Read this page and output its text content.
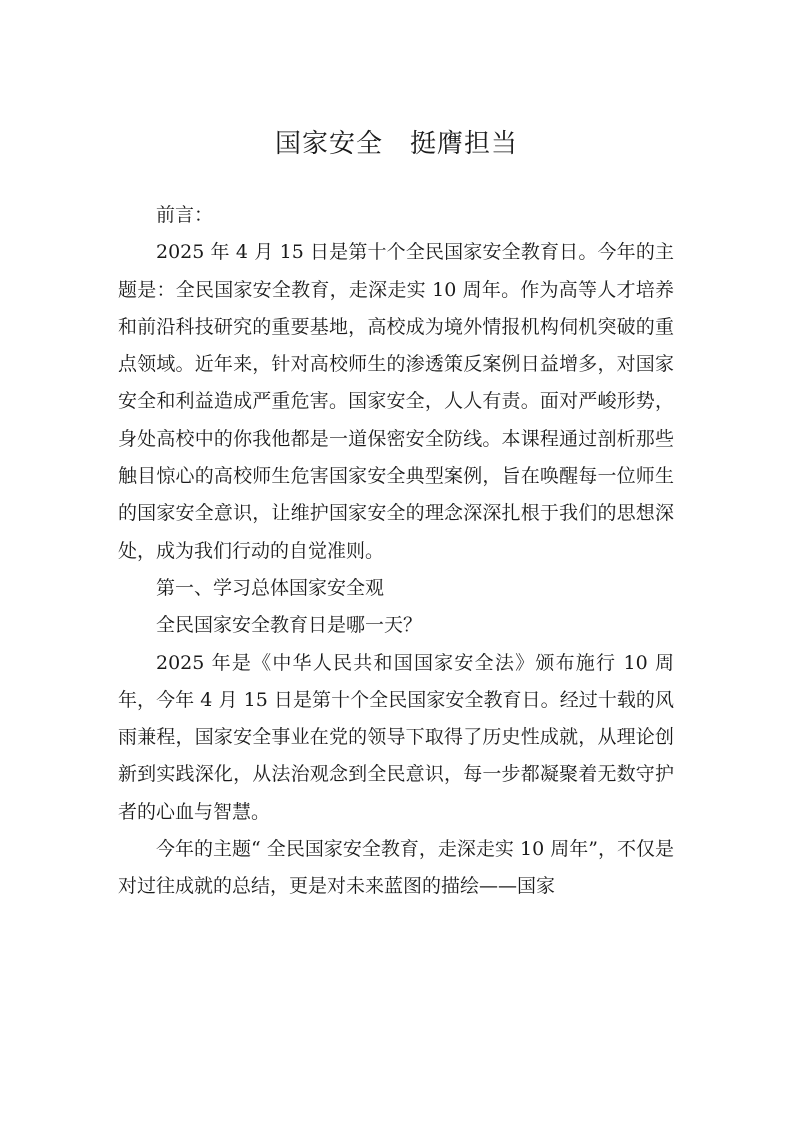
国家安全　挺膺担当

前言：

2025 年 4 月 15 日是第十个全民国家安全教育日。今年的主题是：全民国家安全教育，走深走实 10 周年。作为高等人才培养和前沿科技研究的重要基地，高校成为境外情报机构伺机突破的重点领域。近年来，针对高校师生的渗透策反案例日益增多，对国家安全和利益造成严重危害。国家安全，人人有责。面对严峻形势，身处高校中的你我他都是一道保密安全防线。本课程通过剖析那些触目惊心的高校师生危害国家安全典型案例，旨在唤醒每一位师生的国家安全意识，让维护国家安全的理念深深扎根于我们的思想深处，成为我们行动的自觉准则。

第一、学习总体国家安全观

全民国家安全教育日是哪一天？

2025 年是《中华人民共和国国家安全法》颁布施行 10 周年，今年 4 月 15 日是第十个全民国家安全教育日。经过十载的风雨兼程，国家安全事业在党的领导下取得了历史性成就，从理论创新到实践深化，从法治观念到全民意识，每一步都凝聚着无数守护者的心血与智慧。

今年的主题“ 全民国家安全教育，走深走实 10 周年”，不仅是对过往成就的总结，更是对未来蓝图的描绘——国家
